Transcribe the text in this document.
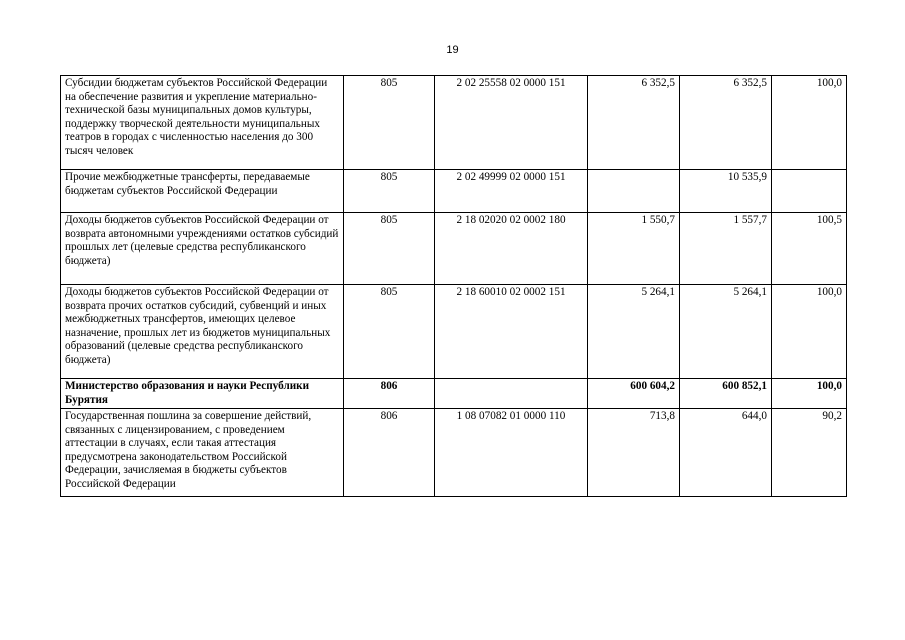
19
Субсидии бюджетам субъектов Российской Федерации на обеспечение развития и укрепление материально-технической базы муниципальных домов культуры, поддержку творческой деятельности муниципальных театров в городах с численностью населения до 300 тысяч человек	805	2 02 25558 02 0000 151	6 352,5	6 352,5	100,0
Прочие межбюджетные трансферты, передаваемые бюджетам субъектов Российской Федерации	805	2 02 49999 02 0000 151		10 535,9	
Доходы бюджетов субъектов Российской Федерации от возврата автономными учреждениями остатков субсидий прошлых лет (целевые средства республиканского бюджета)	805	2 18 02020 02 0002 180	1 550,7	1 557,7	100,5
Доходы бюджетов субъектов Российской Федерации от возврата прочих остатков субсидий, субвенций и иных межбюджетных трансфертов, имеющих целевое назначение, прошлых лет из бюджетов муниципальных образований (целевые средства республиканского бюджета)	805	2 18 60010 02 0002 151	5 264,1	5 264,1	100,0
Министерство образования и науки Республики Бурятия	806		600 604,2	600 852,1	100,0
Государственная пошлина за совершение действий, связанных с лицензированием, с проведением аттестации в случаях, если такая аттестация предусмотрена законодательством Российской Федерации, зачисляемая в бюджеты субъектов Российской Федерации	806	1 08 07082 01 0000 110	713,8	644,0	90,2
